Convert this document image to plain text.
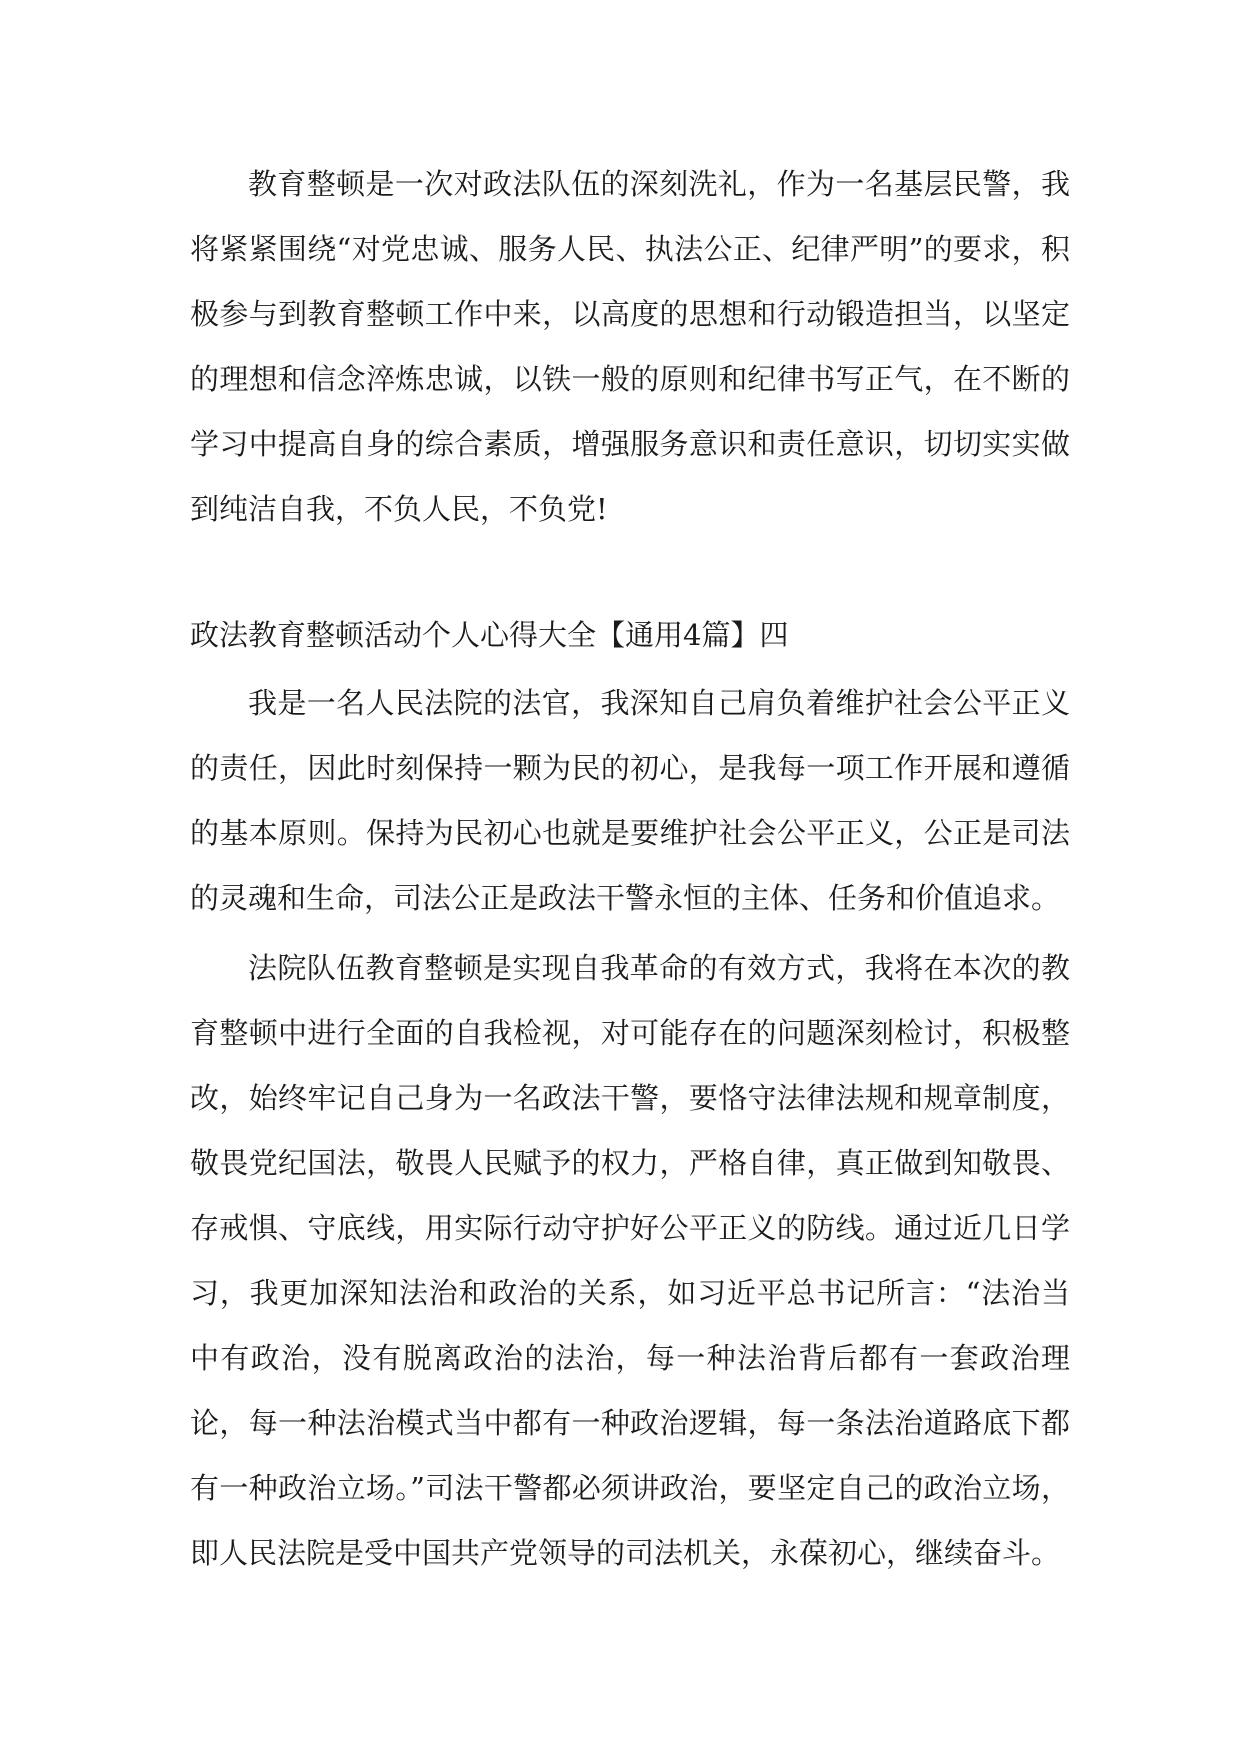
教育整顿是一次对政法队伍的深刻洗礼，作为一名基层民警，我将紧紧围绕“对党忠诚、服务人民、执法公正、纪律严明”的要求，积极参与到教育整顿工作中来，以高度的思想和行动锻造担当，以坚定的理想和信念淬炼忠诚，以铁一般的原则和纪律书写正气，在不断的学习中提高自身的综合素质，增强服务意识和责任意识，切切实实做到纯洁自我，不负人民，不负党!

政法教育整顿活动个人心得大全【通用4篇】四

我是一名人民法院的法官，我深知自己肩负着维护社会公平正义的责任，因此时刻保持一颗为民的初心，是我每一项工作开展和遵循的基本原则。保持为民初心也就是要维护社会公平正义，公正是司法的灵魂和生命，司法公正是政法干警永恒的主体、任务和价值追求。

法院队伍教育整顿是实现自我革命的有效方式，我将在本次的教育整顿中进行全面的自我检视，对可能存在的问题深刻检讨，积极整改，始终牢记自己身为一名政法干警，要恪守法律法规和规章制度，敬畏党纪国法，敬畏人民赋予的权力，严格自律，真正做到知敬畏、存戒惧、守底线，用实际行动守护好公平正义的防线。通过近几日学习，我更加深知法治和政治的关系，如习近平总书记所言：“法治当中有政治，没有脱离政治的法治，每一种法治背后都有一套政治理论，每一种法治模式当中都有一种政治逻辑，每一条法治道路底下都有一种政治立场。”司法干警都必须讲政治，要坚定自己的政治立场，即人民法院是受中国共产党领导的司法机关，永葆初心，继续奋斗。
